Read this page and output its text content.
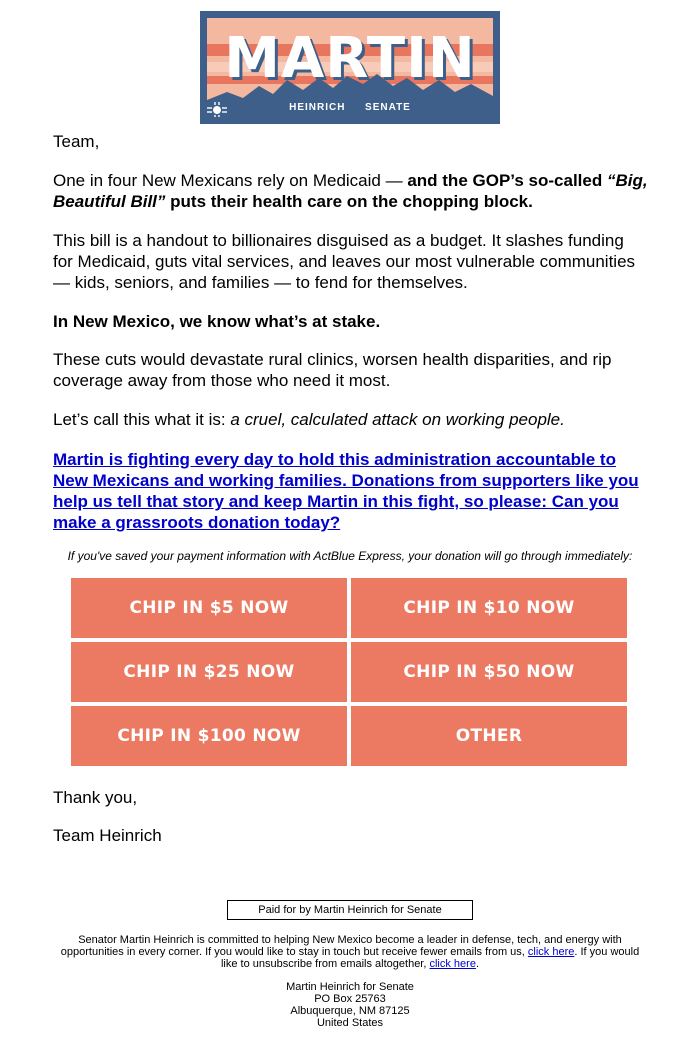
MARTIN
HEINRICH SENATE

Team,

One in four New Mexicans rely on Medicaid — and the GOP’s so-called “Big, Beautiful Bill” puts their health care on the chopping block.

This bill is a handout to billionaires disguised as a budget. It slashes funding for Medicaid, guts vital services, and leaves our most vulnerable communities — kids, seniors, and families — to fend for themselves.

In New Mexico, we know what’s at stake.

These cuts would devastate rural clinics, worsen health disparities, and rip coverage away from those who need it most.

Let’s call this what it is: a cruel, calculated attack on working people.

Martin is fighting every day to hold this administration accountable to New Mexicans and working families. Donations from supporters like you help us tell that story and keep Martin in this fight, so please: Can you make a grassroots donation today?

If you've saved your payment information with ActBlue Express, your donation will go through immediately:
CHIP IN $5 NOW	CHIP IN $10 NOW
CHIP IN $25 NOW	CHIP IN $50 NOW
CHIP IN $100 NOW	OTHER

Thank you,

Team Heinrich

Paid for by Martin Heinrich for Senate
Senator Martin Heinrich is committed to helping New Mexico become a leader in defense, tech, and energy with opportunities in every corner. If you would like to stay in touch but receive fewer emails from us, click here. If you would like to unsubscribe from emails altogether, click here.
Martin Heinrich for Senate
PO Box 25763
Albuquerque, NM 87125
United States
